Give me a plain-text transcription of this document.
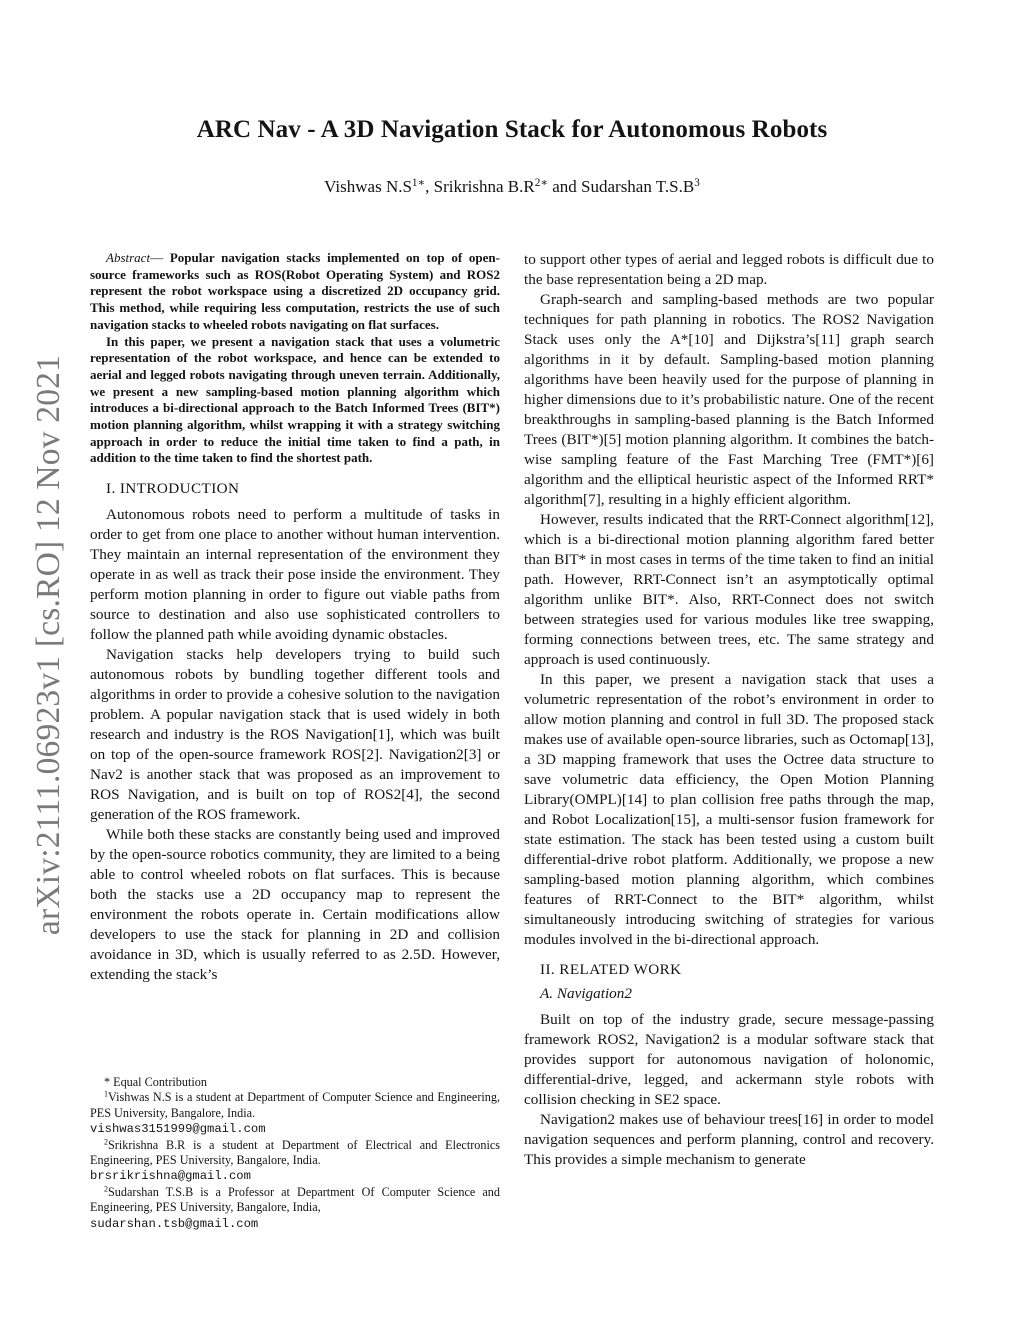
arXiv:2111.06923v1 [cs.RO] 12 Nov 2021
ARC Nav - A 3D Navigation Stack for Autonomous Robots
Vishwas $N.S^{1∗}$, Srikrishna $B.R^{2∗}$ and Sudarshan $T.S.B^3$

Abstract— Popular navigation stacks implemented on top of open-source frameworks such as ROS(Robot Operating System) and ROS2 represent the robot workspace using a discretized 2D occupancy grid. This method, while requiring less computation, restricts the use of such navigation stacks to wheeled robots navigating on flat surfaces.

In this paper, we present a navigation stack that uses a volumetric representation of the robot workspace, and hence can be extended to aerial and legged robots navigating through uneven terrain. Additionally, we present a new sampling-based motion planning algorithm which introduces a bi-directional approach to the Batch Informed Trees (BIT*) motion planning algorithm, whilst wrapping it with a strategy switching approach in order to reduce the initial time taken to find a path, in addition to the time taken to find the shortest path.

I. INTRODUCTION

Autonomous robots need to perform a multitude of tasks in order to get from one place to another without human intervention. They maintain an internal representation of the environment they operate in as well as track their pose inside the environment. They perform motion planning in order to figure out viable paths from source to destination and also use sophisticated controllers to follow the planned path while avoiding dynamic obstacles.

Navigation stacks help developers trying to build such autonomous robots by bundling together different tools and algorithms in order to provide a cohesive solution to the navigation problem. A popular navigation stack that is used widely in both research and industry is the ROS Navigation[1], which was built on top of the open-source framework ROS[2]. Navigation2[3] or Nav2 is another stack that was proposed as an improvement to ROS Navigation, and is built on top of ROS2[4], the second generation of the ROS framework.

While both these stacks are constantly being used and improved by the open-source robotics community, they are limited to a being able to control wheeled robots on flat surfaces. This is because both the stacks use a 2D occupancy map to represent the environment the robots operate in. Certain modifications allow developers to use the stack for planning in 2D and collision avoidance in 3D, which is usually referred to as 2.5D. However, extending the stack’s

* Equal Contribution

$^1$Vishwas N.S is a student at Department of Computer Science and Engineering, PES University, Bangalore, India.
vishwas3151999@gmail.com

$^2$Srikrishna B.R is a student at Department of Electrical and Electronics Engineering, PES University, Bangalore, India.
brsrikrishna@gmail.com

$^2$Sudarshan T.S.B is a Professor at Department Of Computer Science and Engineering, PES University, Bangalore, India,
sudarshan.tsb@gmail.com

to support other types of aerial and legged robots is difficult due to the base representation being a 2D map.

Graph-search and sampling-based methods are two popular techniques for path planning in robotics. The ROS2 Navigation Stack uses only the A*[10] and Dijkstra’s[11] graph search algorithms in it by default. Sampling-based motion planning algorithms have been heavily used for the purpose of planning in higher dimensions due to it’s probabilistic nature. One of the recent breakthroughs in sampling-based planning is the Batch Informed Trees (BIT*)[5] motion planning algorithm. It combines the batch-wise sampling feature of the Fast Marching Tree (FMT*)[6] algorithm and the elliptical heuristic aspect of the Informed RRT* algorithm[7], resulting in a highly efficient algorithm.

However, results indicated that the RRT-Connect algorithm[12], which is a bi-directional motion planning algorithm fared better than BIT* in most cases in terms of the time taken to find an initial path. However, RRT-Connect isn’t an asymptotically optimal algorithm unlike BIT*. Also, RRT-Connect does not switch between strategies used for various modules like tree swapping, forming connections between trees, etc. The same strategy and approach is used continuously.

In this paper, we present a navigation stack that uses a volumetric representation of the robot’s environment in order to allow motion planning and control in full 3D. The proposed stack makes use of available open-source libraries, such as Octomap[13], a 3D mapping framework that uses the Octree data structure to save volumetric data efficiency, the Open Motion Planning Library(OMPL)[14] to plan collision free paths through the map, and Robot Localization[15], a multi-sensor fusion framework for state estimation. The stack has been tested using a custom built differential-drive robot platform. Additionally, we propose a new sampling-based motion planning algorithm, which combines features of RRT-Connect to the BIT* algorithm, whilst simultaneously introducing switching of strategies for various modules involved in the bi-directional approach.

II. RELATED WORK

A. Navigation2

Built on top of the industry grade, secure message-passing framework ROS2, Navigation2 is a modular software stack that provides support for autonomous navigation of holonomic, differential-drive, legged, and ackermann style robots with collision checking in SE2 space.

Navigation2 makes use of behaviour trees[16] in order to model navigation sequences and perform planning, control and recovery. This provides a simple mechanism to generate
